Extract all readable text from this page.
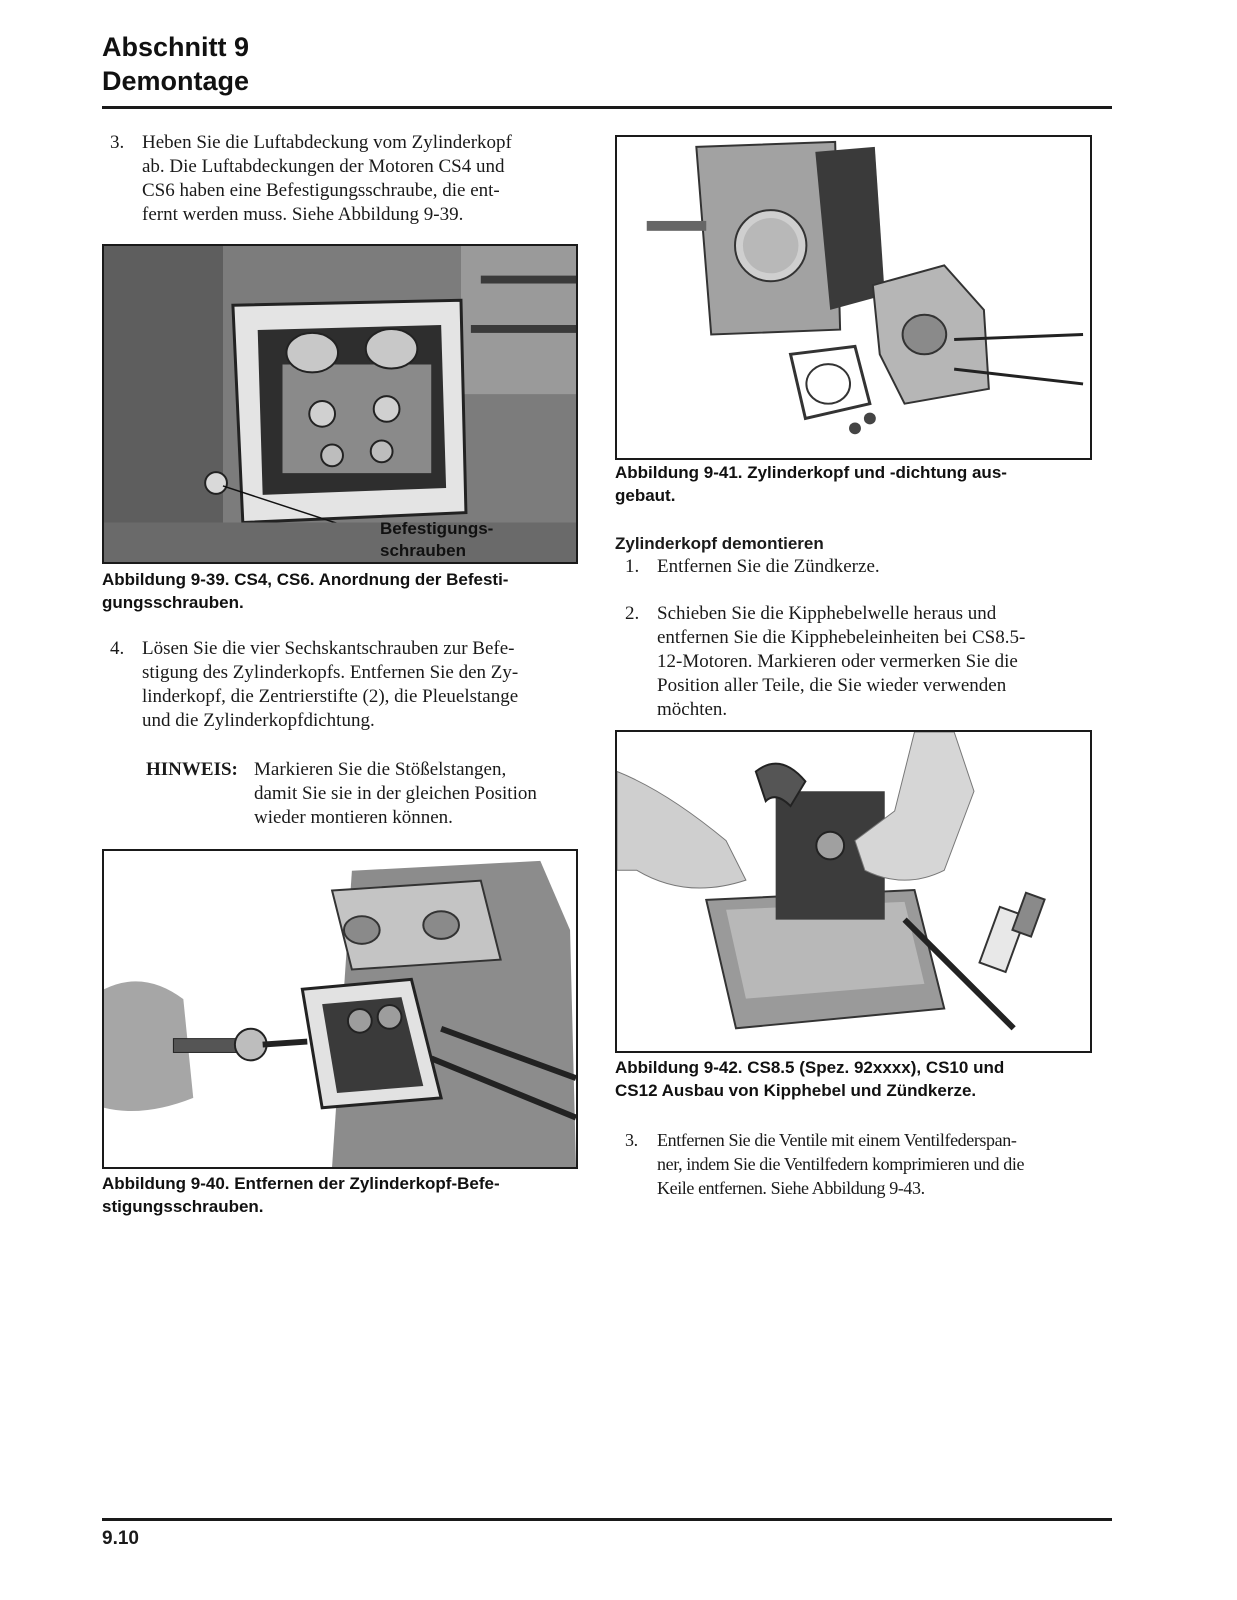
Abschnitt 9
Demontage
3. Heben Sie die Luftabdeckung vom Zylinderkopf
ab. Die Luftabdeckungen der Motoren CS4 und
CS6 haben eine Befestigungsschraube, die ent-
fernt werden muss. Siehe Abbildung 9-39.
Befestigungs-
schrauben
Abbildung 9-39. CS4, CS6. Anordnung der Befesti-
gungsschrauben.
4. Lösen Sie die vier Sechskantschrauben zur Befe-
stigung des Zylinderkopfs. Entfernen Sie den Zy-
linderkopf, die Zentrierstifte (2), die Pleuelstange
und die Zylinderkopfdichtung.
HINWEIS: Markieren Sie die Stößelstangen,
damit Sie sie in der gleichen Position
wieder montieren können.
Abbildung 9-40. Entfernen der Zylinderkopf-Befe-
stigungsschrauben.
Abbildung 9-41. Zylinderkopf und -dichtung aus-
gebaut.
Zylinderkopf demontieren
1. Entfernen Sie die Zündkerze.
2. Schieben Sie die Kipphebelwelle heraus und
entfernen Sie die Kipphebeleinheiten bei CS8.5-
12-Motoren. Markieren oder vermerken Sie die
Position aller Teile, die Sie wieder verwenden
möchten.
Abbildung 9-42. CS8.5 (Spez. 92xxxx), CS10 und
CS12 Ausbau von Kipphebel und Zündkerze.
3. Entfernen Sie die Ventile mit einem Ventilfederspan-
ner, indem Sie die Ventilfedern komprimieren und die
Keile entfernen. Siehe Abbildung 9-43.
9.10
